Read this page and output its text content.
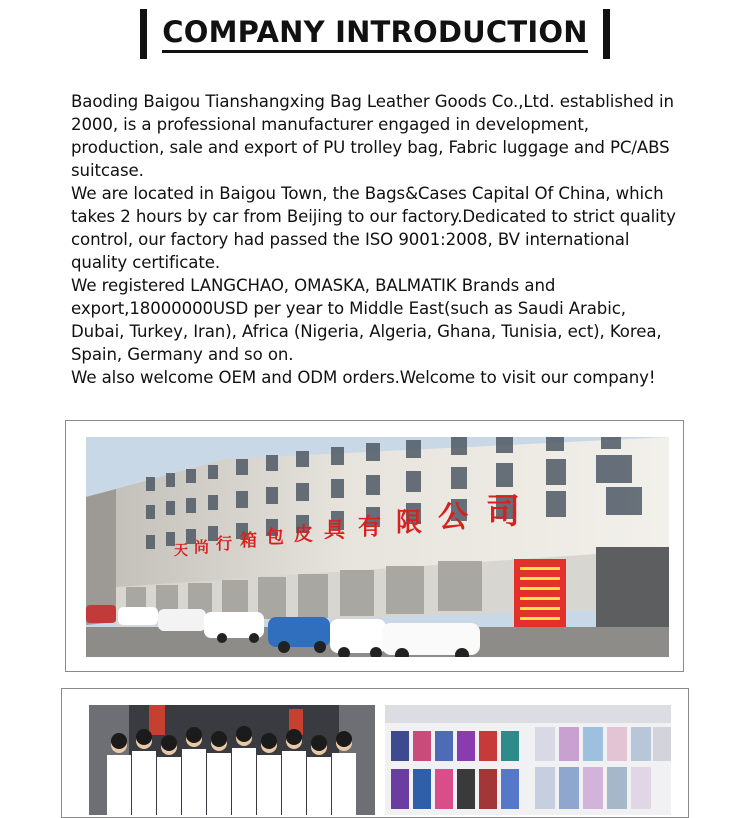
COMPANY INTRODUCTION

Baoding Baigou Tianshangxing Bag Leather Goods Co.,Ltd. established in 2000, is a professional manufacturer engaged in development, production, sale and export of PU trolley bag, Fabric luggage and PC/ABS suitcase.

We are located in Baigou Town, the Bags&Cases Capital Of China, which takes 2 hours by car from Beijing to our factory.Dedicated to strict quality control, our factory had passed the ISO 9001:2008, BV international quality certificate.

We registered LANGCHAO, OMASKA, BALMATIK Brands and export,18000000USD per year to Middle East(such as Saudi Arabic, Dubai, Turkey, Iran), Africa (Nigeria, Algeria, Ghana, Tunisia, ect), Korea, Spain, Germany and so on.

We also welcome OEM and ODM orders.Welcome to visit our company!

天 尚 行 箱 包 皮 具 有 限 公 司
